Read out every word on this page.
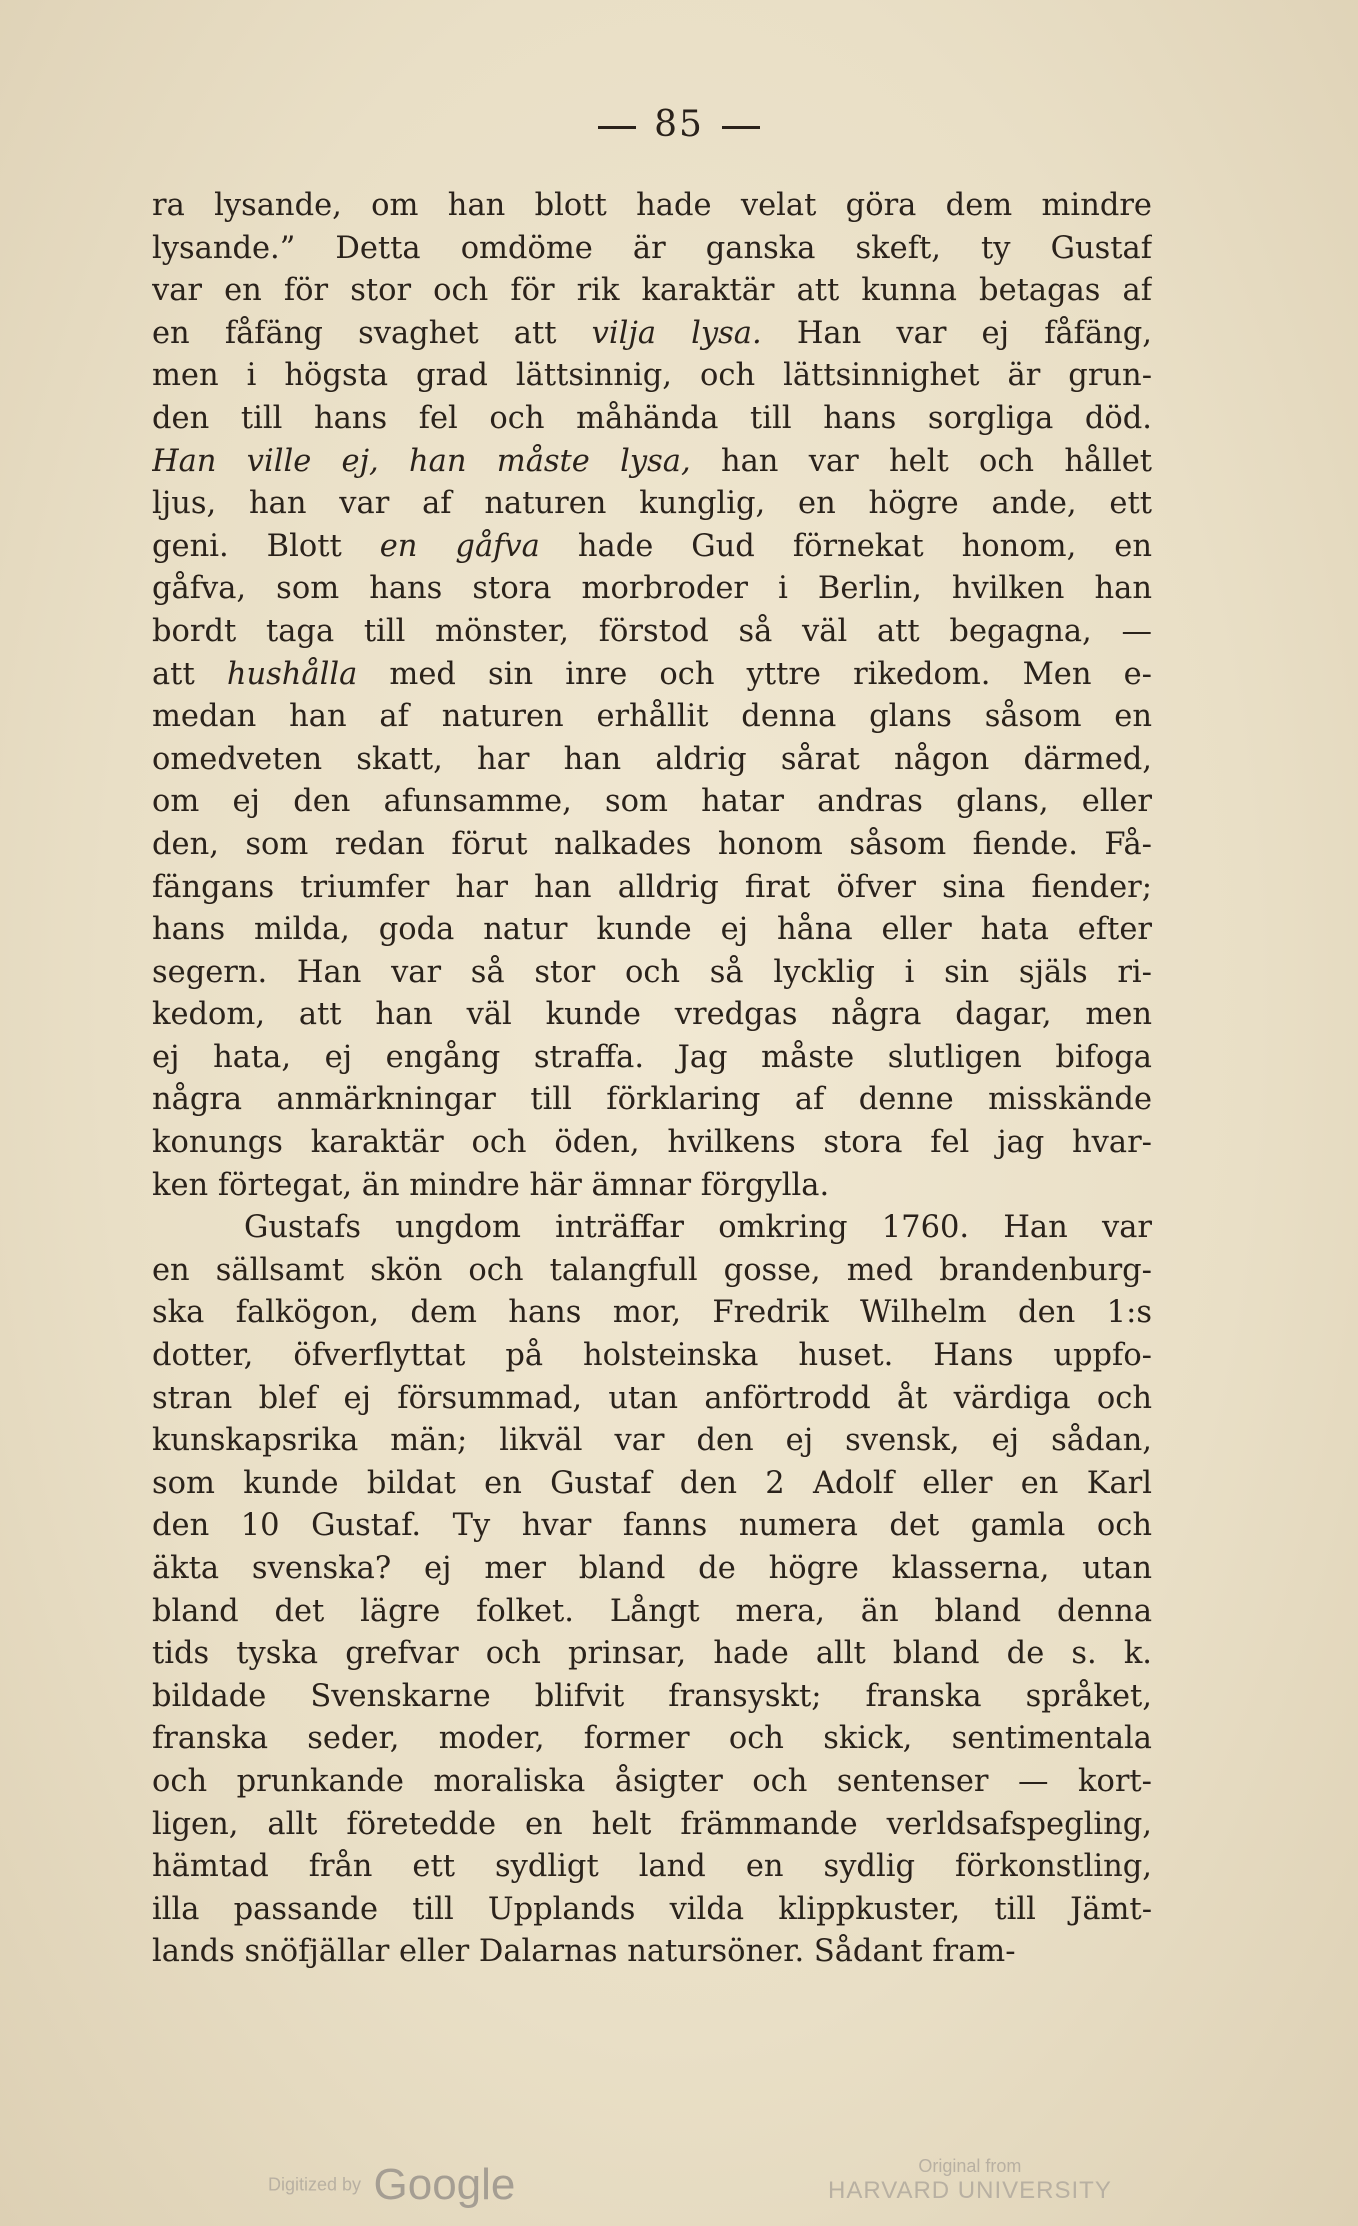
85
ra lysande, om han blott hade velat göra dem mindre
lysande.” Detta omdöme är ganska skeft, ty Gustaf
var en för stor och för rik karaktär att kunna betagas af
en fåfäng svaghet att vilja lysa. Han var ej fåfäng,
men i högsta grad lättsinnig, och lättsinnighet är grun-
den till hans fel och måhända till hans sorgliga död.
Han ville ej, han måste lysa, han var helt och hållet
ljus, han var af naturen kunglig, en högre ande, ett
geni. Blott en gåfva hade Gud förnekat honom, en
gåfva, som hans stora morbroder i Berlin, hvilken han
bordt taga till mönster, förstod så väl att begagna, —
att hushålla med sin inre och yttre rikedom. Men e-
medan han af naturen erhållit denna glans såsom en
omedveten skatt, har han aldrig sårat någon därmed,
om ej den afunsamme, som hatar andras glans, eller
den, som redan förut nalkades honom såsom fiende. Få-
fängans triumfer har han alldrig firat öfver sina fiender;
hans milda, goda natur kunde ej håna eller hata efter
segern. Han var så stor och så lycklig i sin själs ri-
kedom, att han väl kunde vredgas några dagar, men
ej hata, ej engång straffa. Jag måste slutligen bifoga
några anmärkningar till förklaring af denne misskände
konungs karaktär och öden, hvilkens stora fel jag hvar-
ken förtegat, än mindre här ämnar förgylla.
Gustafs ungdom inträffar omkring 1760. Han var
en sällsamt skön och talangfull gosse, med brandenburg-
ska falkögon, dem hans mor, Fredrik Wilhelm den 1:s
dotter, öfverflyttat på holsteinska huset. Hans uppfo-
stran blef ej försummad, utan anförtrodd åt värdiga och
kunskapsrika män; likväl var den ej svensk, ej sådan,
som kunde bildat en Gustaf den 2 Adolf eller en Karl
den 10 Gustaf. Ty hvar fanns numera det gamla och
äkta svenska? ej mer bland de högre klasserna, utan
bland det lägre folket. Långt mera, än bland denna
tids tyska grefvar och prinsar, hade allt bland de s. k.
bildade Svenskarne blifvit fransyskt; franska språket,
franska seder, moder, former och skick, sentimentala
och prunkande moraliska åsigter och sentenser — kort-
ligen, allt företedde en helt främmande verldsafspegling,
hämtad från ett sydligt land en sydlig förkonstling,
illa passande till Upplands vilda klippkuster, till Jämt-
lands snöfjällar eller Dalarnas natursöner. Sådant fram-
Digitized by Google	Original from
HARVARD UNIVERSITY
